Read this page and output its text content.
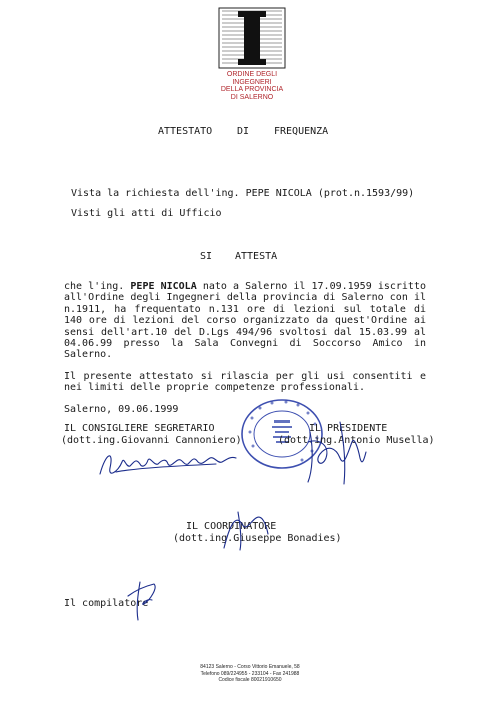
ORDINE DEGLI
INGEGNERI
DELLA PROVINCIA
DI SALERNO
ATTESTATO DI FREQUENZA
Vista la richiesta dell'ing. PEPE NICOLA (prot.n.1593/99)
Visti gli atti di Ufficio
SI ATTESTA

che l'ing. PEPE NICOLA nato a Salerno il 17.09.1959 iscritto all'Ordine degli Ingegneri della provincia di Salerno con il n.1911, ha frequentato n.131 ore di lezioni sul totale di 140 ore di lezioni del corso organizzato da quest'Ordine ai sensi dell'art.10 del D.Lgs 494/96 svoltosi dal 15.03.99 al 04.06.99 presso la Sala Convegni di Soccorso Amico in Salerno.

Il presente attestato si rilascia per gli usi consentiti e nei limiti delle proprie competenze professionali.

Salerno, 09.06.1999

IL CONSIGLIERE SEGRETARIO
(dott.ing.Giovanni Cannoniero)
IL PRESIDENTE
(dott.ing.Antonio Musella)
IL COORDINATORE
(dott.ing.Giuseppe Bonadies)
Il compilatore
84123 Salerno - Corso Vittorio Emanuele, 58
Telefono 089/224955 - 233104 - Fax 241988
Codice fiscale 80021910650
